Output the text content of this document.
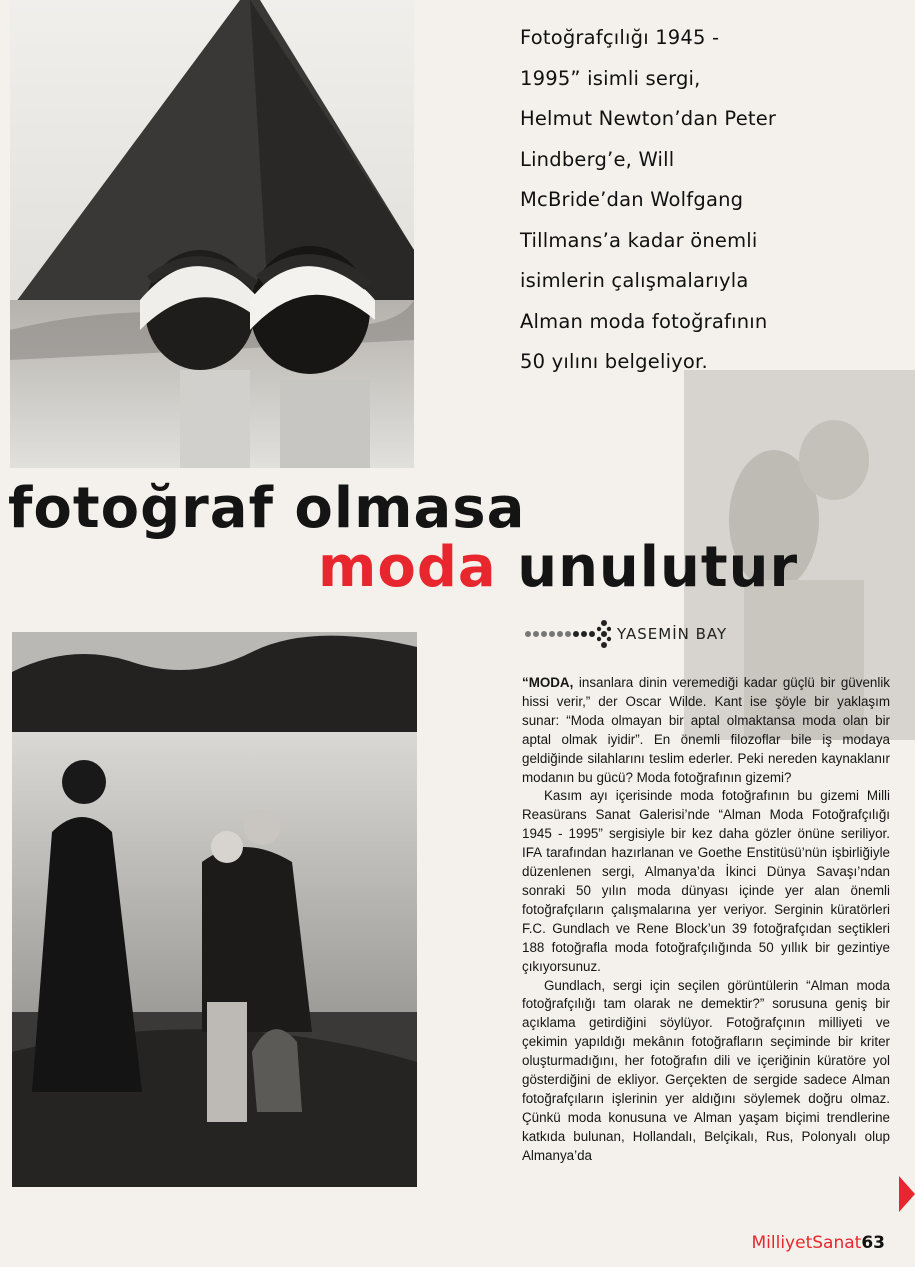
Fotoğrafçılığı 1945 -
1995” isimli sergi,
Helmut Newton’dan Peter
Lindberg’e, Will
McBride’dan Wolfgang
Tillmans’a kadar önemli
isimlerin çalışmalarıyla
Alman moda fotoğrafının
50 yılını belgeliyor.
fotoğraf olmasa
moda unulutur
YASEMİN BAY

“MODA, insanlara dinin veremediği kadar güçlü bir güvenlik hissi verir,” der Oscar Wilde. Kant ise şöyle bir yaklaşım sunar: “Moda olmayan bir aptal olmaktansa moda olan bir aptal olmak iyidir”. En önemli filozoflar bile iş modaya geldiğinde silahlarını teslim ederler. Peki nereden kaynaklanır modanın bu gücü? Moda fotoğrafının gizemi?

Kasım ayı içerisinde moda fotoğrafının bu gizemi Milli Reasürans Sanat Galerisi’nde “Alman Moda Fotoğrafçılığı 1945 - 1995” sergisiyle bir kez daha gözler önüne seriliyor. IFA tarafından hazırlanan ve Goethe Enstitüsü’nün işbirliğiyle düzenlenen sergi, Almanya’da İkinci Dünya Savaşı’ndan sonraki 50 yılın moda dünyası içinde yer alan önemli fotoğrafçıların çalışmalarına yer veriyor. Serginin küratörleri F.C. Gundlach ve Rene Block’un 39 fotoğrafçıdan seçtikleri 188 fotoğrafla moda fotoğrafçılığında 50 yıllık bir gezintiye çıkıyorsunuz.

Gundlach, sergi için seçilen görüntülerin “Alman moda fotoğrafçılığı tam olarak ne demektir?” sorusuna geniş bir açıklama getirdiğini söylüyor. Fotoğrafçının milliyeti ve çekimin yapıldığı mekânın fotoğrafların seçiminde bir kriter oluşturmadığını, her fotoğrafın dili ve içeriğinin küratöre yol gösterdiğini de ekliyor. Gerçekten de sergide sadece Alman fotoğrafçıların işlerinin yer aldığını söylemek doğru olmaz. Çünkü moda konusuna ve Alman yaşam biçimi trendlerine katkıda bulunan, Hollandalı, Belçikalı, Rus, Polonyalı olup Almanya’da

MilliyetSanat63
